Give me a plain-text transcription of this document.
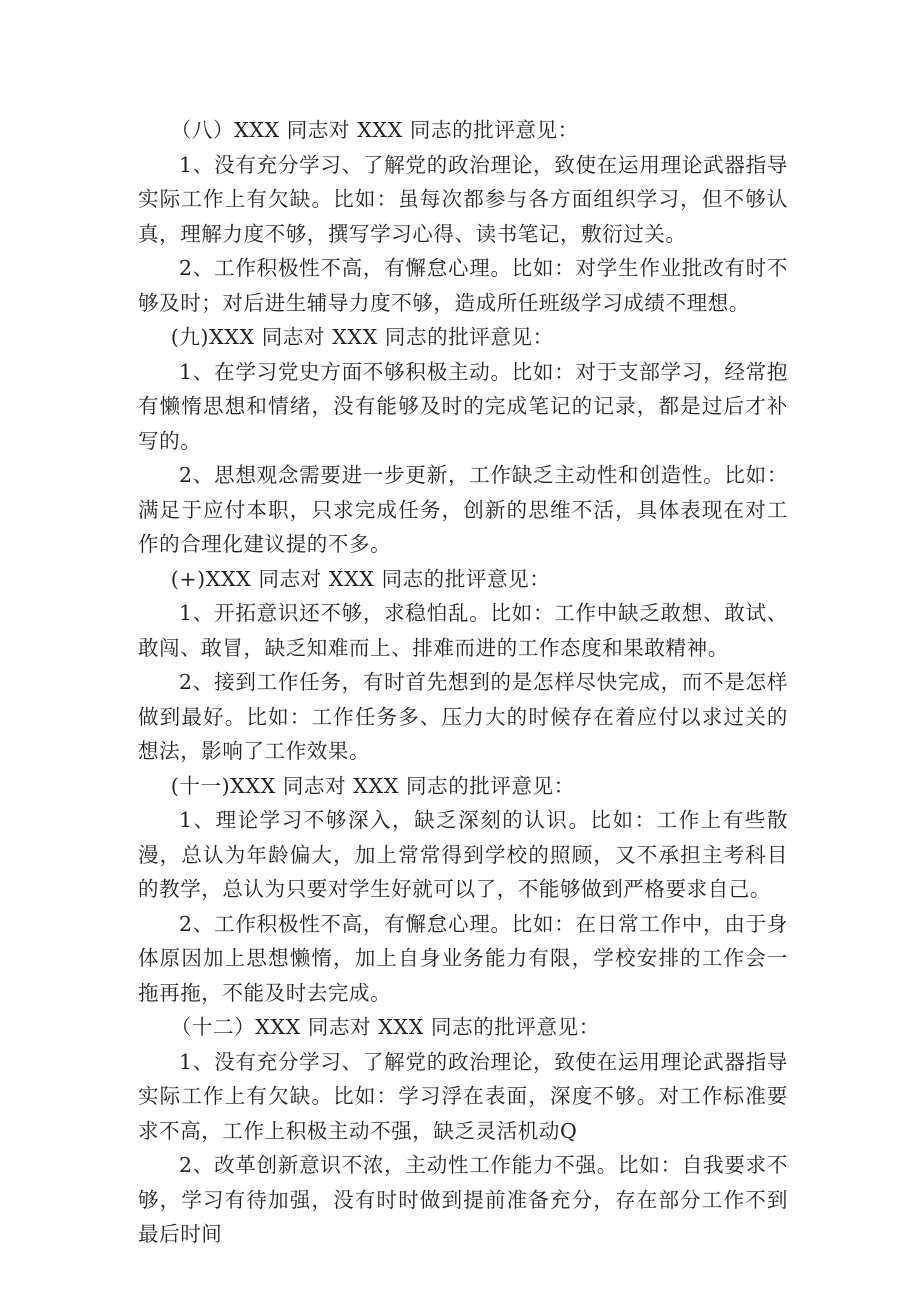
（八）XXX 同志对 XXX 同志的批评意见：

1、没有充分学习、了解党的政治理论，致使在运用理论武器指导实际工作上有欠缺。比如：虽每次都参与各方面组织学习，但不够认真，理解力度不够，撰写学习心得、读书笔记，敷衍过关。

2、工作积极性不高，有懈怠心理。比如：对学生作业批改有时不够及时；对后进生辅导力度不够，造成所任班级学习成绩不理想。

(九)XXX 同志对 XXX 同志的批评意见：

1、在学习党史方面不够积极主动。比如：对于支部学习，经常抱有懒惰思想和情绪，没有能够及时的完成笔记的记录，都是过后才补写的。

2、思想观念需要进一步更新，工作缺乏主动性和创造性。比如：满足于应付本职，只求完成任务，创新的思维不活，具体表现在对工作的合理化建议提的不多。

(+)XXX 同志对 XXX 同志的批评意见：

1、开拓意识还不够，求稳怕乱。比如：工作中缺乏敢想、敢试、敢闯、敢冒，缺乏知难而上、排难而进的工作态度和果敢精神。

2、接到工作任务，有时首先想到的是怎样尽快完成，而不是怎样做到最好。比如：工作任务多、压力大的时候存在着应付以求过关的想法，影响了工作效果。

(十一)XXX 同志对 XXX 同志的批评意见：

1、理论学习不够深入，缺乏深刻的认识。比如：工作上有些散漫，总认为年龄偏大，加上常常得到学校的照顾，又不承担主考科目的教学，总认为只要对学生好就可以了，不能够做到严格要求自己。

2、工作积极性不高，有懈怠心理。比如：在日常工作中，由于身体原因加上思想懒惰，加上自身业务能力有限，学校安排的工作会一拖再拖，不能及时去完成。

（十二）XXX 同志对 XXX 同志的批评意见：

1、没有充分学习、了解党的政治理论，致使在运用理论武器指导实际工作上有欠缺。比如：学习浮在表面，深度不够。对工作标准要求不高，工作上积极主动不强，缺乏灵活机动Q

2、改革创新意识不浓，主动性工作能力不强。比如：自我要求不够，学习有待加强，没有时时做到提前准备充分，存在部分工作不到最后时间
